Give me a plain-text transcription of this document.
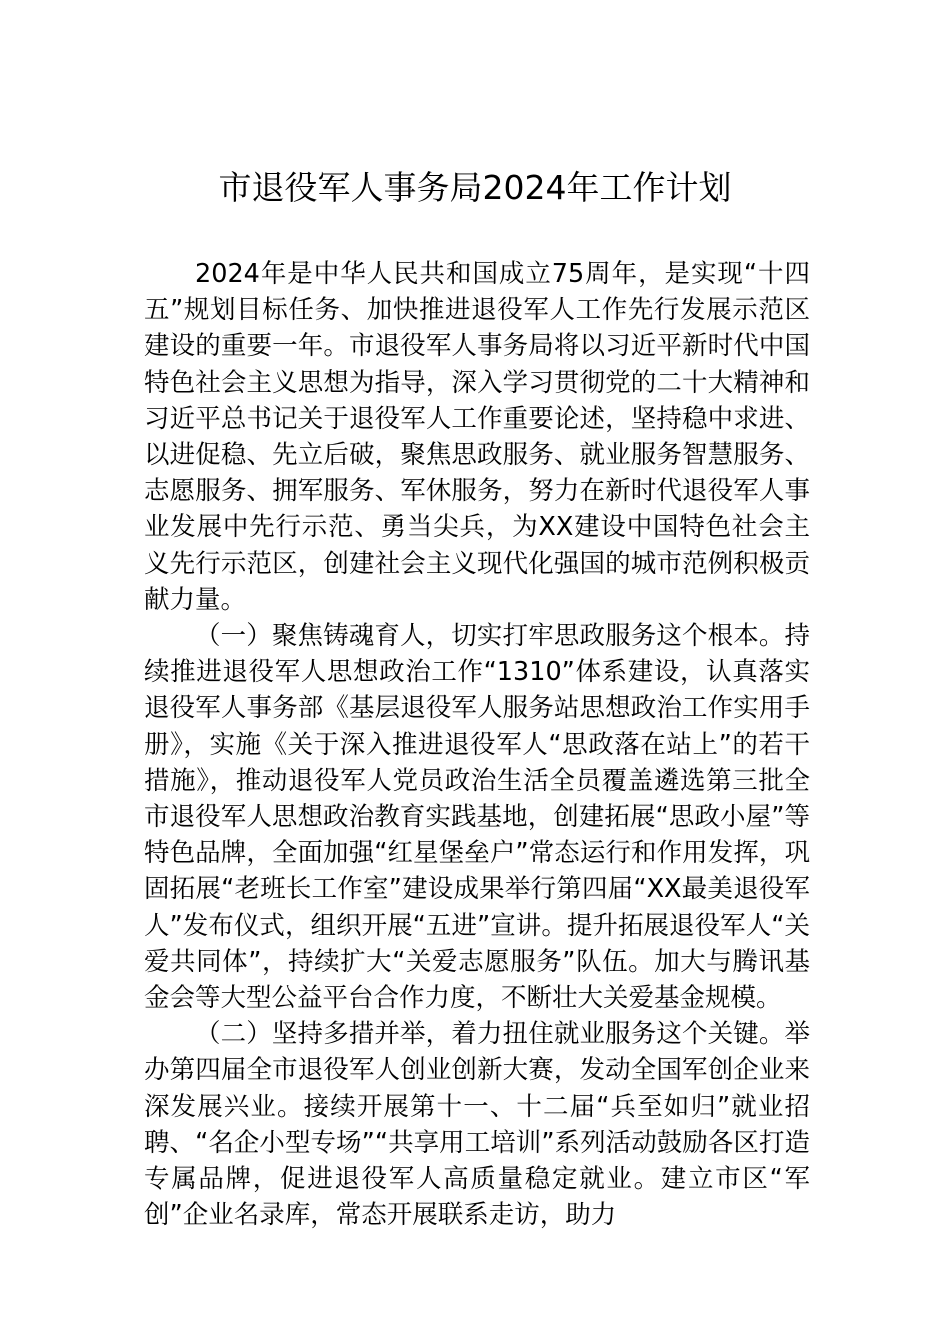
市退役军人事务局2024年工作计划

2024年是中华人民共和国成立75周年，是实现“十四五”规划目标任务、加快推进退役军人工作先行发展示范区建设的重要一年。市退役军人事务局将以习近平新时代中国特色社会主义思想为指导，深入学习贯彻党的二十大精神和习近平总书记关于退役军人工作重要论述，坚持稳中求进、以进促稳、先立后破，聚焦思政服务、就业服务智慧服务、志愿服务、拥军服务、军休服务，努力在新时代退役军人事业发展中先行示范、勇当尖兵，为XX建设中国特色社会主义先行示范区，创建社会主义现代化强国的城市范例积极贡献力量。

（一）聚焦铸魂育人，切实打牢思政服务这个根本。持续推进退役军人思想政治工作“1310”体系建设，认真落实退役军人事务部《基层退役军人服务站思想政治工作实用手册》，实施《关于深入推进退役军人“思政落在站上”的若干措施》，推动退役军人党员政治生活全员覆盖遴选第三批全市退役军人思想政治教育实践基地，创建拓展“思政小屋”等特色品牌，全面加强“红星堡垒户”常态运行和作用发挥，巩固拓展“老班长工作室”建设成果举行第四届“XX最美退役军人”发布仪式，组织开展“五进”宣讲。提升拓展退役军人“关爱共同体”，持续扩大“关爱志愿服务”队伍。加大与腾讯基金会等大型公益平台合作力度，不断壮大关爱基金规模。

（二）坚持多措并举，着力扭住就业服务这个关键。举办第四届全市退役军人创业创新大赛，发动全国军创企业来深发展兴业。接续开展第十一、十二届“兵至如归”就业招聘、“名企小型专场”“共享用工培训”系列活动鼓励各区打造专属品牌，促进退役军人高质量稳定就业。建立市区“军创”企业名录库，常态开展联系走访，助力
